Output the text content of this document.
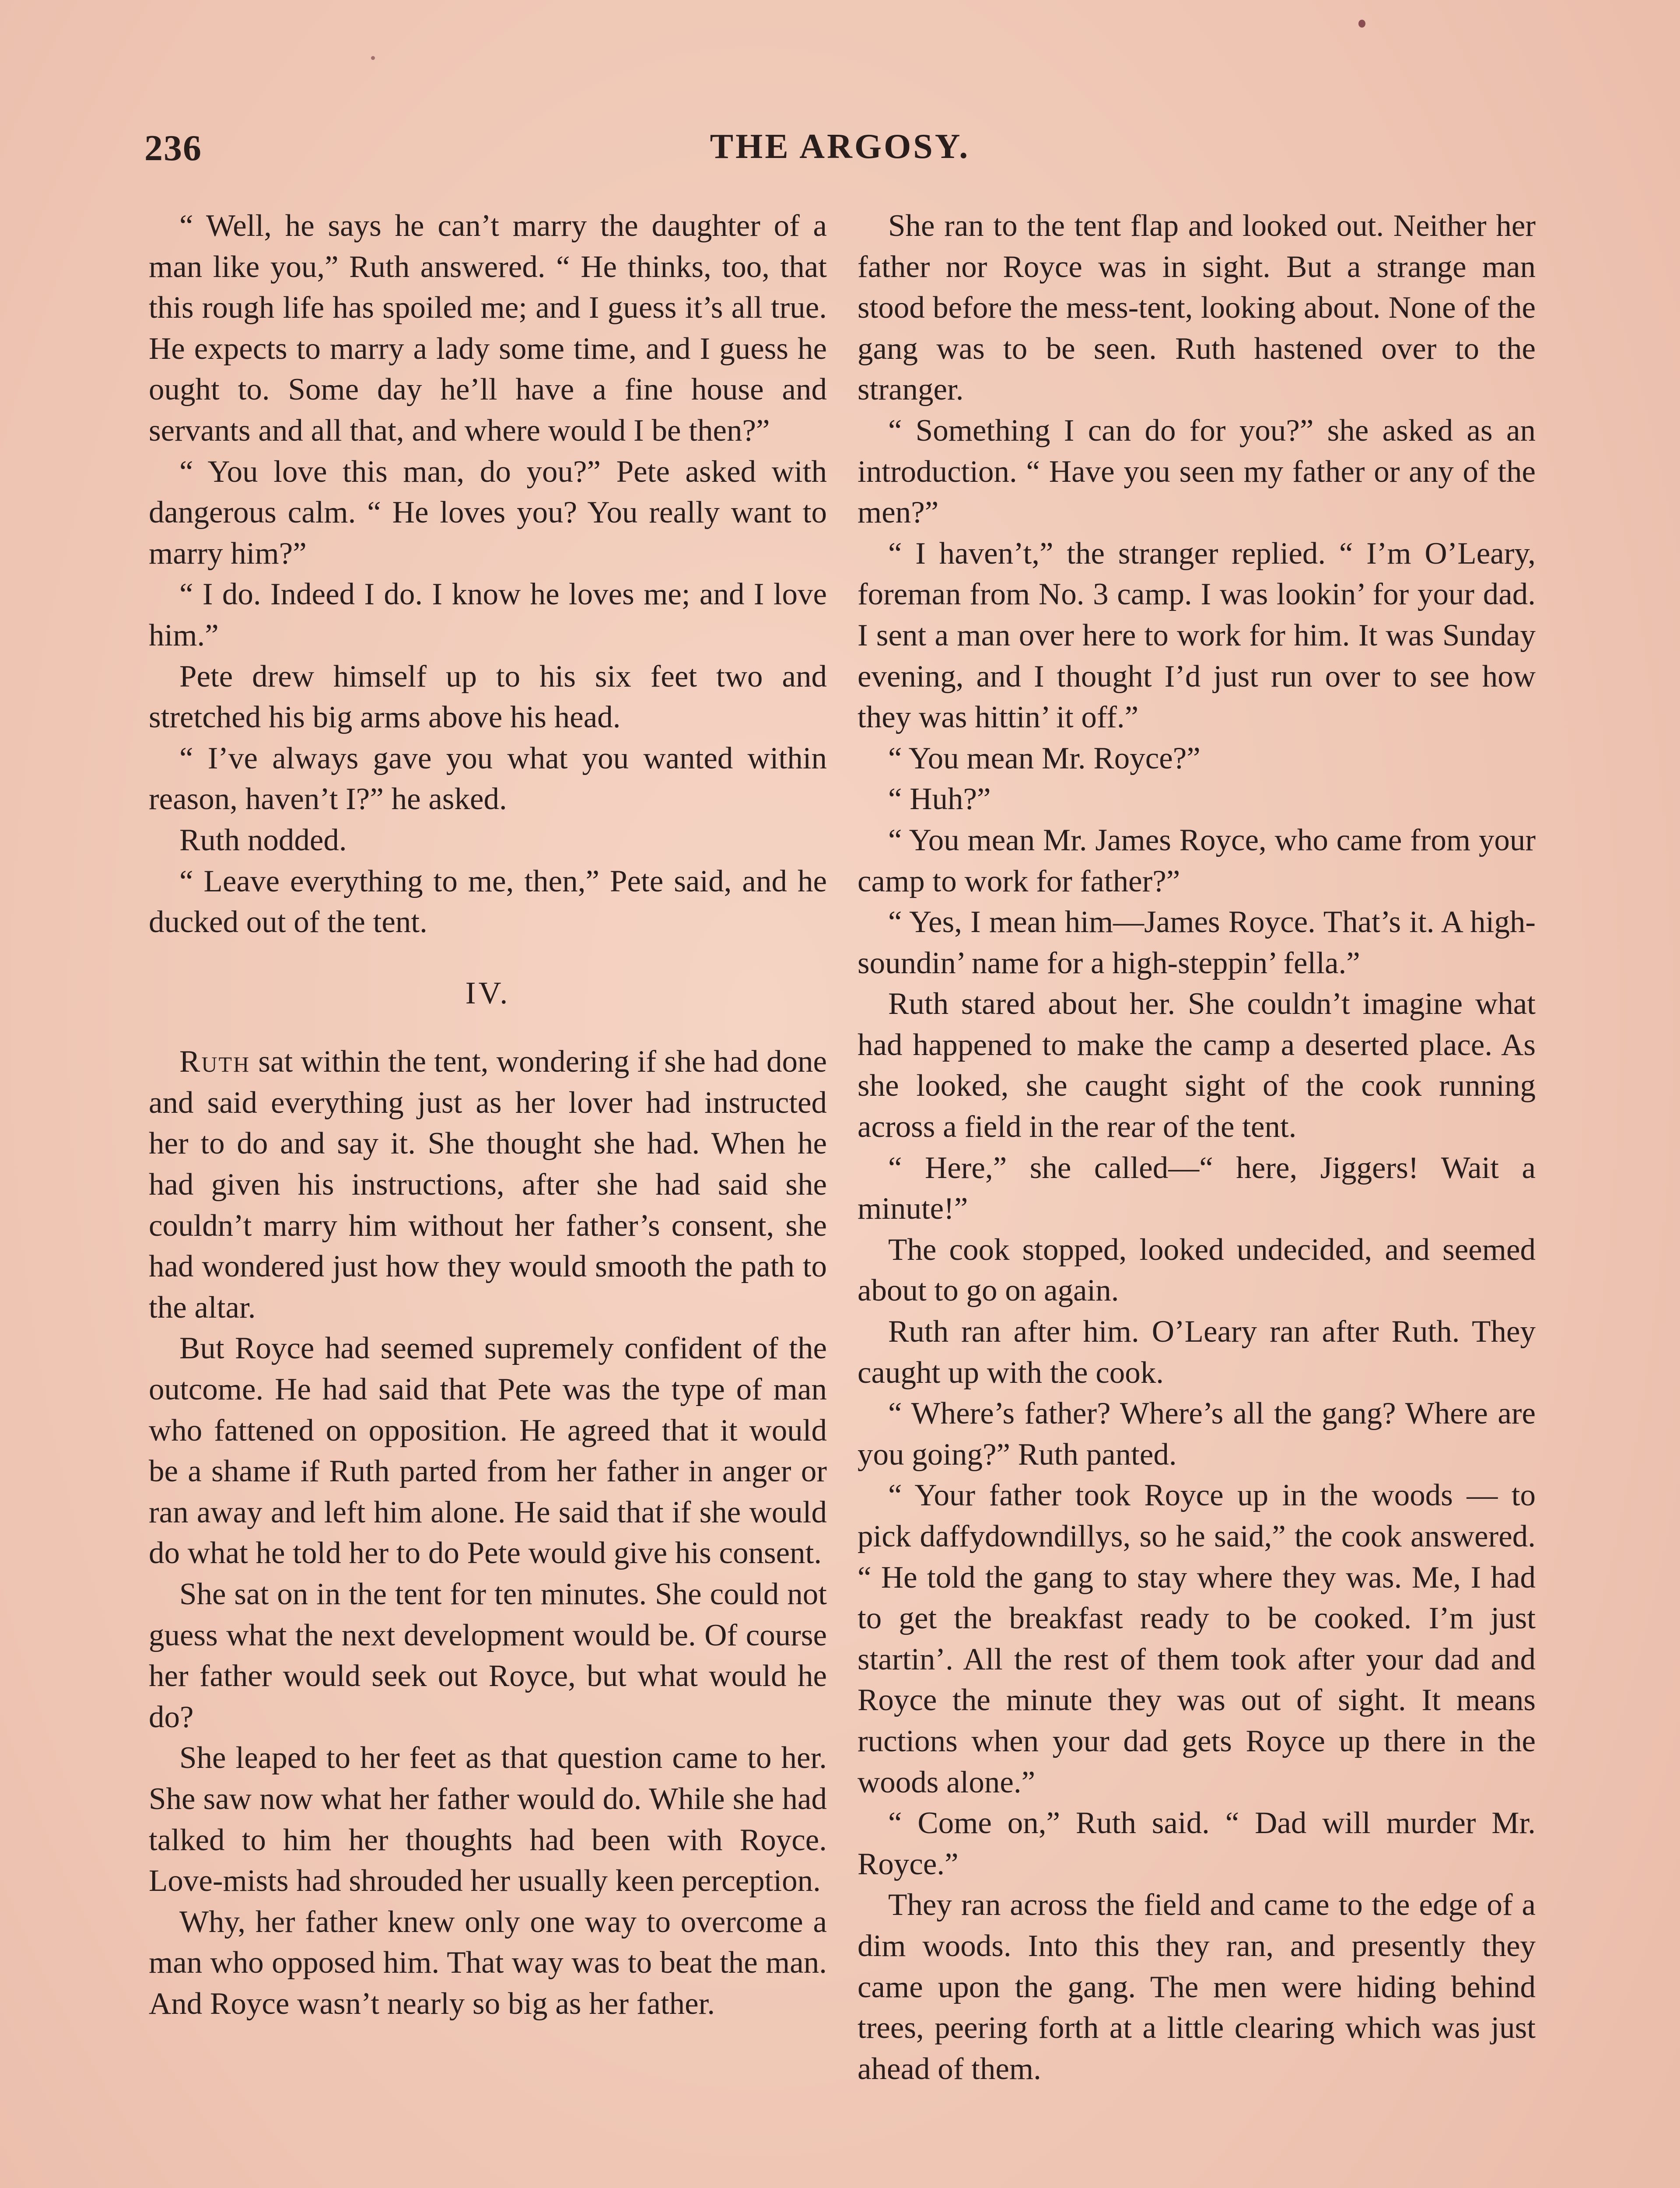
236	THE ARGOSY.

“ Well, he says he can’t marry the daughter of a man like you,” Ruth answered. “ He thinks, too, that this rough life has spoiled me; and I guess it’s all true. He expects to marry a lady some time, and I guess he ought to. Some day he’ll have a fine house and servants and all that, and where would I be then?”

“ You love this man, do you?” Pete asked with dangerous calm. “ He loves you? You really want to marry him?”

“ I do. Indeed I do. I know he loves me; and I love him.”

Pete drew himself up to his six feet two and stretched his big arms above his head.

“ I’ve always gave you what you wanted within reason, haven’t I?” he asked.

Ruth nodded.

“ Leave everything to me, then,” Pete said, and he ducked out of the tent.

IV.

Ruth sat within the tent, wondering if she had done and said everything just as her lover had instructed her to do and say it. She thought she had. When he had given his instructions, after she had said she couldn’t marry him without her father’s consent, she had wondered just how they would smooth the path to the altar.

But Royce had seemed supremely confident of the outcome. He had said that Pete was the type of man who fattened on opposition. He agreed that it would be a shame if Ruth parted from her father in anger or ran away and left him alone. He said that if she would do what he told her to do Pete would give his consent.

She sat on in the tent for ten minutes. She could not guess what the next development would be. Of course her father would seek out Royce, but what would he do?

She leaped to her feet as that question came to her. She saw now what her father would do. While she had talked to him her thoughts had been with Royce. Love-mists had shrouded her usually keen perception.

Why, her father knew only one way to overcome a man who opposed him. That way was to beat the man. And Royce wasn’t nearly so big as her father.

She ran to the tent flap and looked out. Neither her father nor Royce was in sight. But a strange man stood before the mess-tent, looking about. None of the gang was to be seen. Ruth hastened over to the stranger.

“ Something I can do for you?” she asked as an introduction. “ Have you seen my father or any of the men?”

“ I haven’t,” the stranger replied. “ I’m O’Leary, foreman from No. 3 camp. I was lookin’ for your dad. I sent a man over here to work for him. It was Sunday evening, and I thought I’d just run over to see how they was hittin’ it off.”

“ You mean Mr. Royce?”

“ Huh?”

“ You mean Mr. James Royce, who came from your camp to work for father?”

“ Yes, I mean him—James Royce. That’s it. A high-soundin’ name for a high-steppin’ fella.”

Ruth stared about her. She couldn’t imagine what had happened to make the camp a deserted place. As she looked, she caught sight of the cook running across a field in the rear of the tent.

“ Here,” she called—“ here, Jiggers! Wait a minute!”

The cook stopped, looked undecided, and seemed about to go on again.

Ruth ran after him. O’Leary ran after Ruth. They caught up with the cook.

“ Where’s father? Where’s all the gang? Where are you going?” Ruth panted.

“ Your father took Royce up in the woods — to pick daffydowndillys, so he said,” the cook answered. “ He told the gang to stay where they was. Me, I had to get the breakfast ready to be cooked. I’m just startin’. All the rest of them took after your dad and Royce the minute they was out of sight. It means ructions when your dad gets Royce up there in the woods alone.”

“ Come on,” Ruth said. “ Dad will murder Mr. Royce.”

They ran across the field and came to the edge of a dim woods. Into this they ran, and presently they came upon the gang. The men were hiding behind trees, peering forth at a little clearing which was just ahead of them.
